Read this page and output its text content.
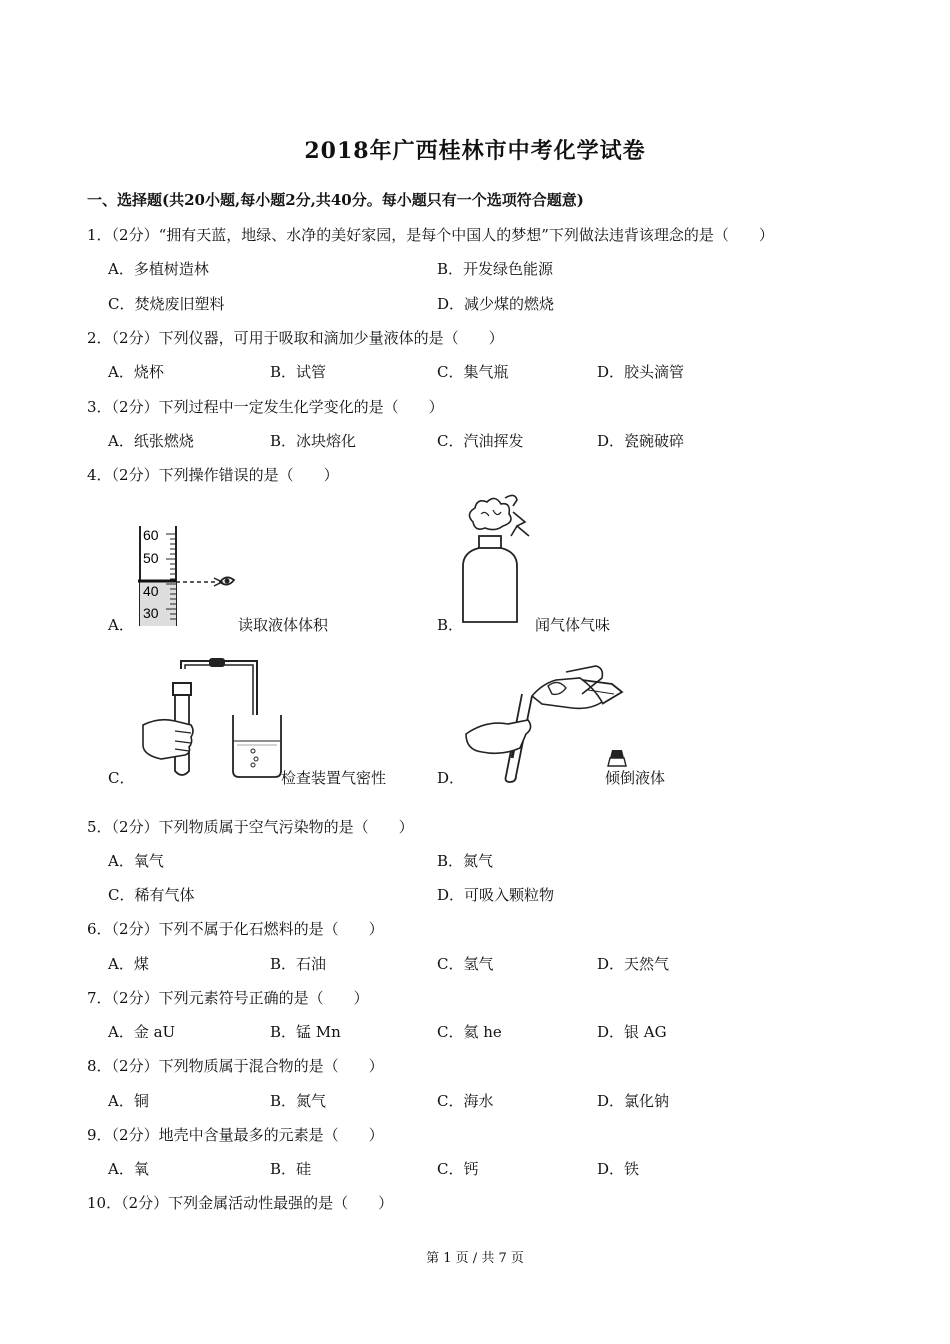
2018年广西桂林市中考化学试卷
一、选择题(共20小题,每小题2分,共40分。每小题只有一个选项符合题意)
1．（2分）“拥有天蓝，地绿、水净的美好家园，是每个中国人的梦想”下列做法违背该理念的是（　　）
A．多植树造林	B．开发绿色能源
C．焚烧废旧塑料	D．减少煤的燃烧
2．（2分）下列仪器，可用于吸取和滴加少量液体的是（　　）
A．烧杯	B．试管	C．集气瓶	D．胶头滴管
3．（2分）下列过程中一定发生化学变化的是（　　）
A．纸张燃烧	B．冰块熔化	C．汽油挥发	D．瓷碗破碎
4．（2分）下列操作错误的是（　　）
60
50
40
30
A．	读取液体体积	B．	闻气体气味
C．	检查装置气密性	D．	倾倒液体
5．（2分）下列物质属于空气污染物的是（　　）
A．氧气	B．氮气
C．稀有气体	D．可吸入颗粒物
6．（2分）下列不属于化石燃料的是（　　）
A．煤	B．石油	C．氢气	D．天然气
7．（2分）下列元素符号正确的是（　　）
A．金 aU	B．锰 Mn	C．氦 he	D．银 AG
8．（2分）下列物质属于混合物的是（　　）
A．铜	B．氮气	C．海水	D．氯化钠
9．（2分）地壳中含量最多的元素是（　　）
A．氧	B．硅	C．钙	D．铁
10．（2分）下列金属活动性最强的是（　　）
第 1 页 / 共 7 页
